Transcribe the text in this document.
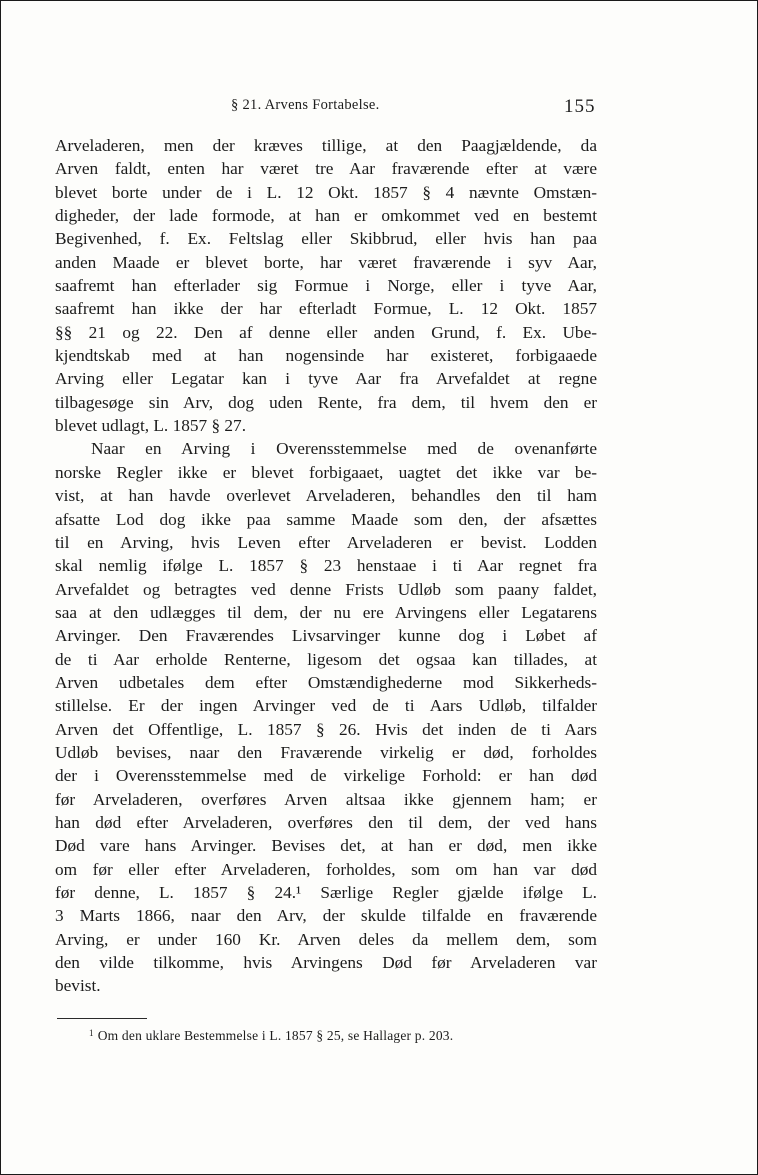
§ 21. Arvens Fortabelse.	155
Arveladeren, men der kræves tillige, at den Paagjældende, da
Arven faldt, enten har været tre Aar fraværende efter at være
blevet borte under de i L. 12 Okt. 1857 § 4 nævnte Omstæn-
digheder, der lade formode, at han er omkommet ved en bestemt
Begivenhed, f. Ex. Feltslag eller Skibbrud, eller hvis han paa
anden Maade er blevet borte, har været fraværende i syv Aar,
saafremt han efterlader sig Formue i Norge, eller i tyve Aar,
saafremt han ikke der har efterladt Formue, L. 12 Okt. 1857
§§ 21 og 22. Den af denne eller anden Grund, f. Ex. Ube-
kjendtskab med at han nogensinde har existeret, forbigaaede
Arving eller Legatar kan i tyve Aar fra Arvefaldet at regne
tilbagesøge sin Arv, dog uden Rente, fra dem, til hvem den er
blevet udlagt, L. 1857 § 27.
Naar en Arving i Overensstemmelse med de ovenanførte
norske Regler ikke er blevet forbigaaet, uagtet det ikke var be-
vist, at han havde overlevet Arveladeren, behandles den til ham
afsatte Lod dog ikke paa samme Maade som den, der afsættes
til en Arving, hvis Leven efter Arveladeren er bevist. Lodden
skal nemlig ifølge L. 1857 § 23 henstaae i ti Aar regnet fra
Arvefaldet og betragtes ved denne Frists Udløb som paany faldet,
saa at den udlægges til dem, der nu ere Arvingens eller Legatarens
Arvinger. Den Fraværendes Livsarvinger kunne dog i Løbet af
de ti Aar erholde Renterne, ligesom det ogsaa kan tillades, at
Arven udbetales dem efter Omstændighederne mod Sikkerheds-
stillelse. Er der ingen Arvinger ved de ti Aars Udløb, tilfalder
Arven det Offentlige, L. 1857 § 26. Hvis det inden de ti Aars
Udløb bevises, naar den Fraværende virkelig er død, forholdes
der i Overensstemmelse med de virkelige Forhold: er han død
før Arveladeren, overføres Arven altsaa ikke gjennem ham; er
han død efter Arveladeren, overføres den til dem, der ved hans
Død vare hans Arvinger. Bevises det, at han er død, men ikke
om før eller efter Arveladeren, forholdes, som om han var død
før denne, L. 1857 § 24.¹ Særlige Regler gjælde ifølge L.
3 Marts 1866, naar den Arv, der skulde tilfalde en fraværende
Arving, er under 160 Kr. Arven deles da mellem dem, som
den vilde tilkomme, hvis Arvingens Død før Arveladeren var
bevist.
$^1$ Om den uklare Bestemmelse i L. 1857 § 25, se Hallager p. 203.
